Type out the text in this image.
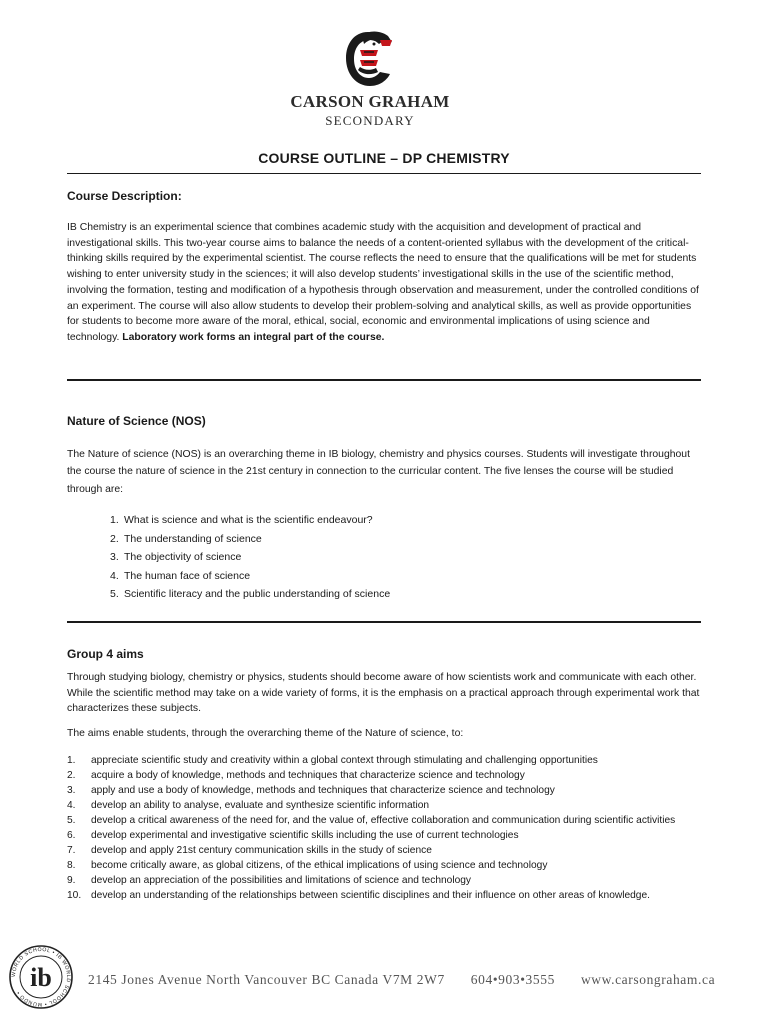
CARSON GRAHAM
SECONDARY
COURSE OUTLINE – DP CHEMISTRY
Course Description:

IB Chemistry is an experimental science that combines academic study with the acquisition and development of practical and investigational skills. This two-year course aims to balance the needs of a content-oriented syllabus with the development of the critical-thinking skills required by the experimental scientist. The course reflects the need to ensure that the qualifications will be met for students wishing to enter university study in the sciences; it will also develop students’ investigational skills in the use of the scientific method, involving the formation, testing and modification of a hypothesis through observation and measurement, under the controlled conditions of an experiment. The course will also allow students to develop their problem-solving and analytical skills, as well as provide opportunities for students to become more aware of the moral, ethical, social, economic and environmental implications of using science and technology. Laboratory work forms an integral part of the course.

Nature of Science (NOS)

The Nature of science (NOS) is an overarching theme in IB biology, chemistry and physics courses. Students will investigate throughout the course the nature of science in the 21st century in connection to the curricular content. The five lenses the course will be studied through are:

1. What is science and what is the scientific endeavour?
2. The understanding of science
3. The objectivity of science
4. The human face of science
5. Scientific literacy and the public understanding of science
Group 4 aims

Through studying biology, chemistry or physics, students should become aware of how scientists work and communicate with each other. While the scientific method may take on a wide variety of forms, it is the emphasis on a practical approach through experimental work that characterizes these subjects.

The aims enable students, through the overarching theme of the Nature of science, to:

1.	appreciate scientific study and creativity within a global context through stimulating and challenging opportunities
2.	acquire a body of knowledge, methods and techniques that characterize science and technology
3.	apply and use a body of knowledge, methods and techniques that characterize science and technology
4.	develop an ability to analyse, evaluate and synthesize scientific information
5.	develop a critical awareness of the need for, and the value of, effective collaboration and communication during scientific activities
6.	develop experimental and investigative scientific skills including the use of current technologies
7.	develop and apply 21st century communication skills in the study of science
8.	become critically aware, as global citizens, of the ethical implications of using science and technology
9.	develop an appreciation of the possibilities and limitations of science and technology
10. develop an understanding of the relationships between scientific disciplines and their influence on other areas of knowledge.
WORLD SCHOOL • IB WORLD SCHOOL • MUNDO •
ib	2145 Jones Avenue North Vancouver BC Canada V7M 2W7 604•903•3555 www.carsongraham.ca
